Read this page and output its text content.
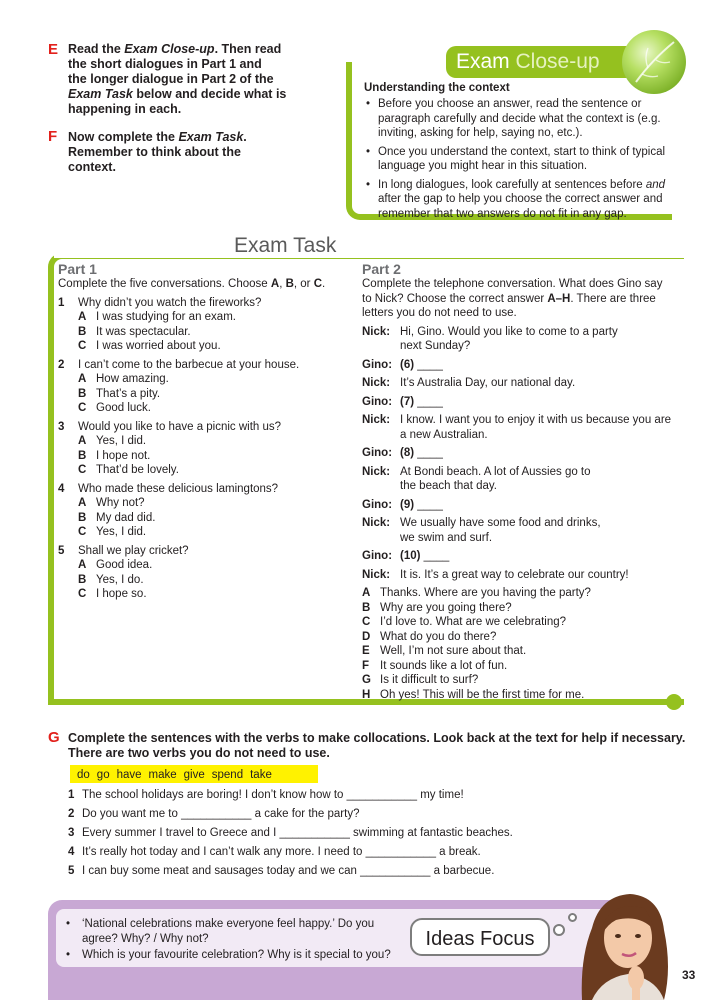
E Read the Exam Close-up. Then read
the short dialogues in Part 1 and
the longer dialogue in Part 2 of the
Exam Task below and decide what is
happening in each.
F Now complete the Exam Task.
Remember to think about the
context.
Exam Close-up
Understanding the context
• Before you choose an answer, read the sentence or paragraph carefully and decide what the context is (e.g. inviting, asking for help, saying no, etc.).
• Once you understand the context, start to think of typical language you might hear in this situation.
• In long dialogues, look carefully at sentences before and after the gap to help you choose the correct answer and remember that two answers do not fit in any gap.
Exam Task
Part 1
Complete the five conversations. Choose A, B, or C.
1 Why didn’t you watch the fireworks?
A I was studying for an exam.
B It was spectacular.
C I was worried about you.
2 I can’t come to the barbecue at your house.
A How amazing.
B That’s a pity.
C Good luck.
3 Would you like to have a picnic with us?
A Yes, I did.
B I hope not.
C That’d be lovely.
4 Who made these delicious lamingtons?
A Why not?
B My dad did.
C Yes, I did.
5 Shall we play cricket?
A Good idea.
B Yes, I do.
C I hope so.
Part 2
Complete the telephone conversation. What does Gino say
to Nick? Choose the correct answer A–H. There are three
letters you do not need to use.
Nick: Hi, Gino. Would you like to come to a party
next Sunday?
Gino: (6) ____
Nick: It’s Australia Day, our national day.
Gino: (7) ____
Nick: I know. I want you to enjoy it with us because you are
a new Australian.
Gino: (8) ____
Nick: At Bondi beach. A lot of Aussies go to
the beach that day.
Gino: (9) ____
Nick: We usually have some food and drinks,
we swim and surf.
Gino: (10) ____
Nick: It is. It’s a great way to celebrate our country!
A Thanks. Where are you having the party?
B Why are you going there?
C I’d love to. What are we celebrating?
D What do you do there?
E Well, I’m not sure about that.
F It sounds like a lot of fun.
G Is it difficult to surf?
H Oh yes! This will be the first time for me.
G Complete the sentences with the verbs to make collocations. Look back at the text for help if necessary.
There are two verbs you do not need to use.
do go have make give spend take
1 The school holidays are boring! I don’t know how to ___________ my time!
2 Do you want me to ___________ a cake for the party?
3 Every summer I travel to Greece and I ___________ swimming at fantastic beaches.
4 It’s really hot today and I can’t walk any more. I need to ___________ a break.
5 I can buy some meat and sausages today and we can ___________ a barbecue.
• ‘National celebrations make everyone feel happy.’ Do you agree? Why? / Why not?
• Which is your favourite celebration? Why is it special to you?
Ideas Focus
33
